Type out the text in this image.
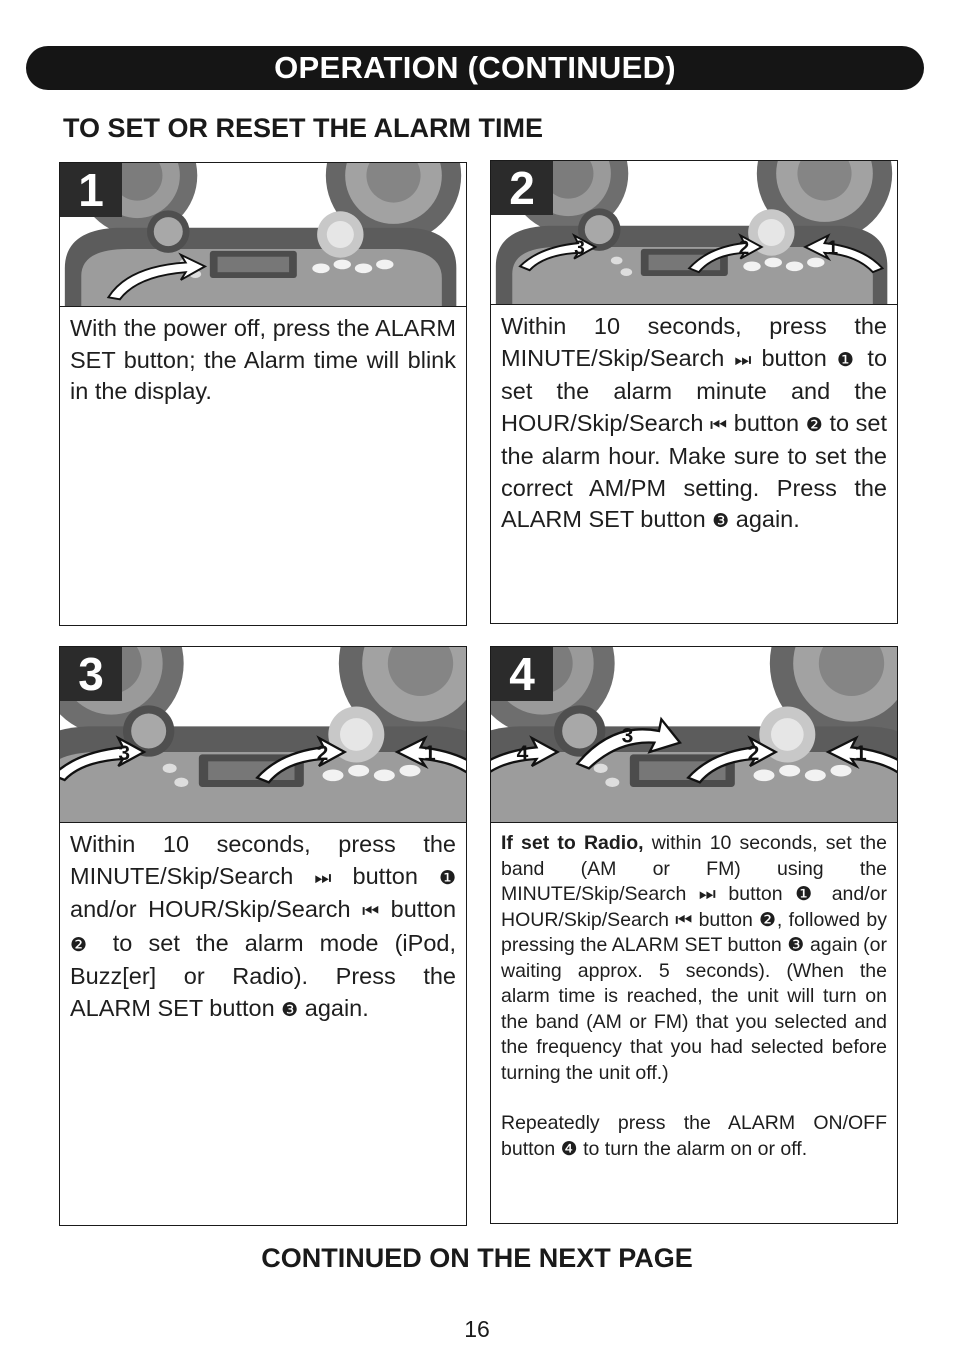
OPERATION (CONTINUED)
TO SET OR RESET THE ALARM TIME
1
With the power off, press the ALARM SET button; the Alarm time will blink in the display.
3	2	1
2
Within 10 seconds, press the MINUTE/Skip/Search ⏭ button ❶ to set the alarm minute and the HOUR/Skip/Search ⏮ button ❷ to set the alarm hour. Make sure to set the correct AM/PM setting. Press the ALARM SET button ❸ again.
3	2	1
3
Within 10 seconds, press the MINUTE/Skip/Search ⏭ button ❶ and/or HOUR/Skip/Search ⏮ button ❷ to set the alarm mode (iPod, Buzz[er] or Radio). Press the ALARM SET button ❸ again.
4
3
2	1
4

If set to Radio, within 10 seconds, set the band (AM or FM) using the MINUTE/Skip/Search ⏭ button ❶ and/or HOUR/Skip/Search ⏮ button ❷, followed by pressing the ALARM SET button ❸ again (or waiting approx. 5 seconds). (When the alarm time is reached, the unit will turn on the band (AM or FM) that you selected and the frequency that you had selected before turning the unit off.)

Repeatedly press the ALARM ON/OFF button ❹ to turn the alarm on or off.

CONTINUED ON THE NEXT PAGE
16
